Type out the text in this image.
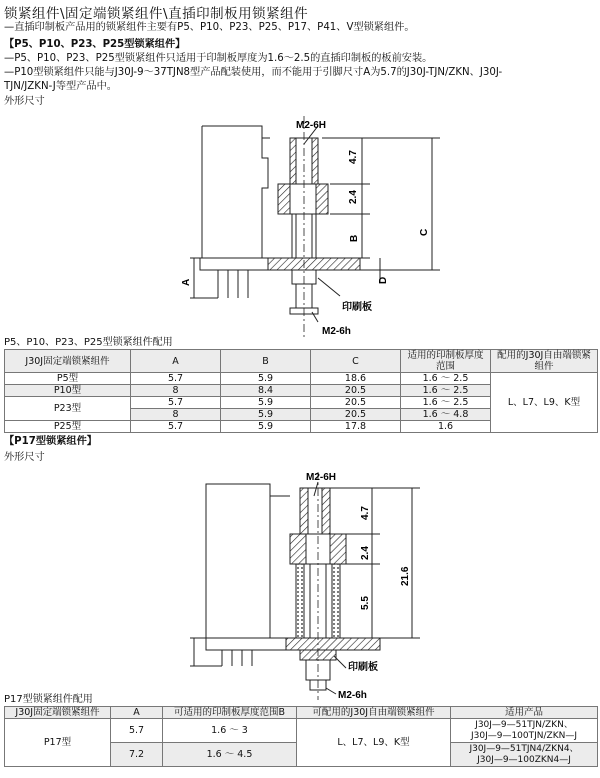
锁紧组件\固定端锁紧组件\直插印制板用锁紧组件
—直插印制板产品用的锁紧组件主要有P5、P10、P23、P25、P17、P41、V型锁紧组件。
【P5、P10、P23、P25型锁紧组件】
—P5、P10、P23、P25型锁紧组件只适用于印制板厚度为1.6～2.5的直插印制板的板前安装。
—P10型锁紧组件只能与J30J-9～37TJN8型产品配装使用，而不能用于引脚尺寸A为5.7的J30J-TJN/ZKN、J30J-
TJN/JZKN-J等型产品中。
外形尺寸
M2-6H
4.7
2.4
B
C
A	D
印刷板
M2-6h
P5、P10、P23、P25型锁紧组件配用
J30J固定端锁紧组件	A	B	C	适用的印制板厚度范围	配用的J30J自由端锁紧组件
P5型	5.7	5.9	18.6	1.6 ～ 2.5	L、L7、L9、K型
P10型	8	8.4	20.5	1.6 ～ 2.5	
P23型	5.7	5.9	20.5	1.6 ～ 2.5	
	8	5.9	20.5	1.6 ～ 4.8	
P25型	5.7	5.9	17.8	1.6	
【P17型锁紧组件】
外形尺寸
M2-6H
4.7
2.4
5.5
21.6
印刷板
M2-6h
P17型锁紧组件配用
J30J固定端锁紧组件	A	可适用的印制板厚度范围B	可配用的J30J自由端锁紧组件	适用产品
P17型	5.7	1.6 ～ 3	L、L7、L9、K型	J30J—9—51TJN/ZKN、
J30J—9—100TJN/ZKN—J

	7.2	1.6 ～ 4.5		J30J—9—51TJN4/ZKN4、
J30J—9—100ZKN4—J
